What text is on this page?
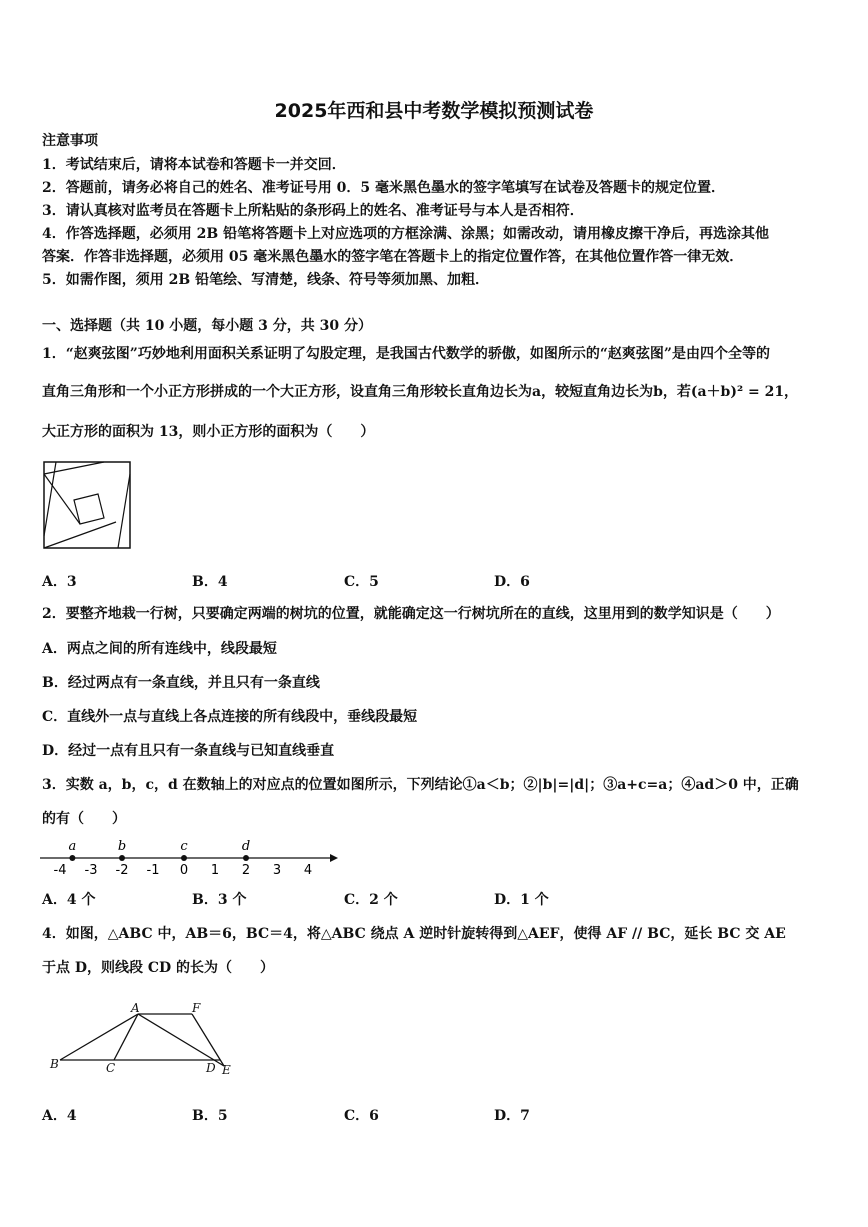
2025年西和县中考数学模拟预测试卷
注意事项
1．考试结束后，请将本试卷和答题卡一并交回．
2．答题前，请务必将自己的姓名、准考证号用 0．5 毫米黑色墨水的签字笔填写在试卷及答题卡的规定位置．
3．请认真核对监考员在答题卡上所粘贴的条形码上的姓名、准考证号与本人是否相符．
4．作答选择题，必须用 2B 铅笔将答题卡上对应选项的方框涂满、涂黑；如需改动，请用橡皮擦干净后，再选涂其他
答案．作答非选择题，必须用 05 毫米黑色墨水的签字笔在答题卡上的指定位置作答，在其他位置作答一律无效．
5．如需作图，须用 2B 铅笔绘、写清楚，线条、符号等须加黑、加粗．
一、选择题（共 10 小题，每小题 3 分，共 30 分）
1．“赵爽弦图”巧妙地利用面积关系证明了勾股定理，是我国古代数学的骄傲，如图所示的“赵爽弦图”是由四个全等的
直角三角形和一个小正方形拼成的一个大正方形，设直角三角形较长直角边长为a，较短直角边长为b，若(a＋b)² = 21，
大正方形的面积为 13，则小正方形的面积为（　　）
A．3	B．4	C．5	D．6
2．要整齐地栽一行树，只要确定两端的树坑的位置，就能确定这一行树坑所在的直线，这里用到的数学知识是（　　）
A．两点之间的所有连线中，线段最短
B．经过两点有一条直线，并且只有一条直线
C．直线外一点与直线上各点连接的所有线段中，垂线段最短
D．经过一点有且只有一条直线与已知直线垂直
3．实数 a，b，c，d 在数轴上的对应点的位置如图所示，下列结论①a＜b；②|b|=|d|；③a+c=a；④ad＞0 中，正确
的有（　　）
-4 -3 -2 -1 0 1 2 3 4
a	b	c	d
A．4 个	B．3 个	C．2 个	D．1 个
4．如图，△ABC 中，AB＝6，BC＝4，将△ABC 绕点 A 逆时针旋转得到△AEF，使得 AF // BC，延长 BC 交 AE
于点 D，则线段 CD 的长为（　　）
A	F
B	C	D E
A．4	B．5	C．6	D．7
